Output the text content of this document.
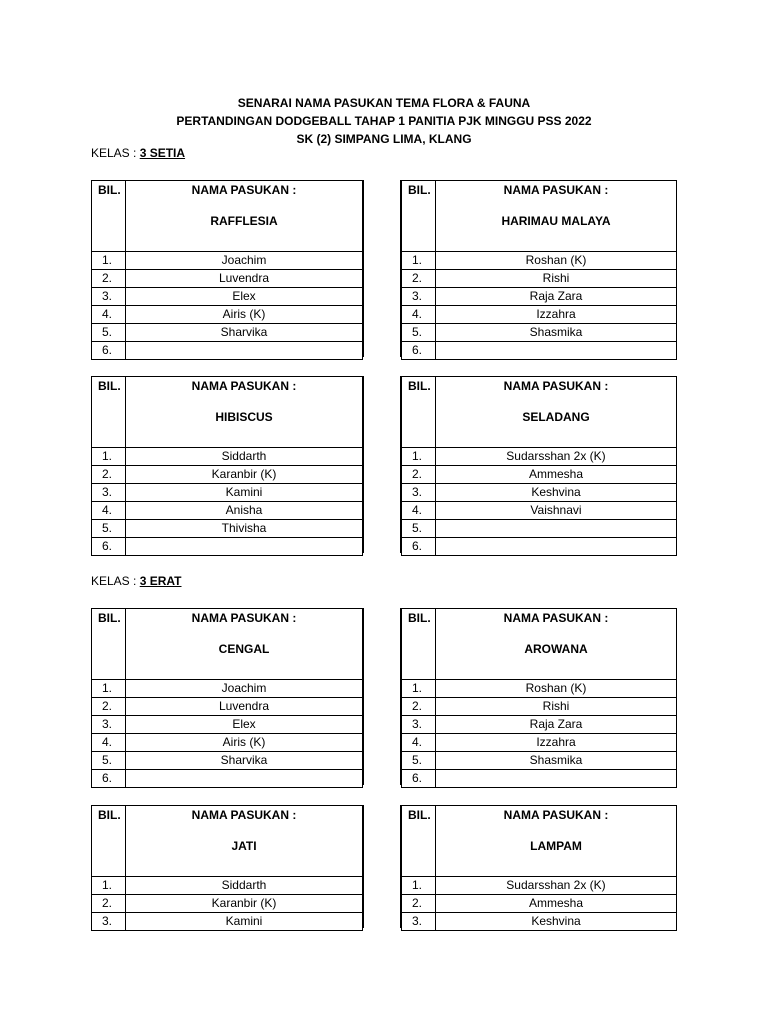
SENARAI NAMA PASUKAN TEMA FLORA & FAUNA
PERTANDINGAN DODGEBALL TAHAP 1 PANITIA PJK MINGGU PSS 2022
SK (2) SIMPANG LIMA, KLANG
KELAS : 3 SETIA
BIL.	NAMA PASUKAN :
RAFFLESIA

1.	Joachim
2.	Luvendra
3.	Elex
4.	Airis (K)
5.	Sharvika
6.	
BIL.	NAMA PASUKAN :
HARIMAU MALAYA

1.	Roshan (K)
2.	Rishi
3.	Raja Zara
4.	Izzahra
5.	Shasmika
6.	
BIL.	NAMA PASUKAN :
HIBISCUS

1.	Siddarth
2.	Karanbir (K)
3.	Kamini
4.	Anisha
5.	Thivisha
6.	
BIL.	NAMA PASUKAN :
SELADANG

1.	Sudarsshan 2x (K)
2.	Ammesha
3.	Keshvina
4.	Vaishnavi
5.	
6.	
KELAS : 3 ERAT
BIL.	NAMA PASUKAN :
CENGAL

1.	Joachim
2.	Luvendra
3.	Elex
4.	Airis (K)
5.	Sharvika
6.	
BIL.	NAMA PASUKAN :
AROWANA

1.	Roshan (K)
2.	Rishi
3.	Raja Zara
4.	Izzahra
5.	Shasmika
6.	
BIL.	NAMA PASUKAN :
JATI

1.	Siddarth
2.	Karanbir (K)
3.	Kamini
BIL.	NAMA PASUKAN :
LAMPAM

1.	Sudarsshan 2x (K)
2.	Ammesha
3.	Keshvina
